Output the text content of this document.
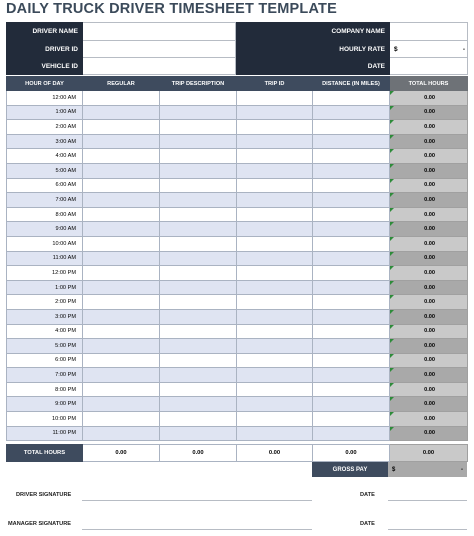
DAILY TRUCK DRIVER TIMESHEET TEMPLATE
DRIVER NAME		COMPANY NAME	
DRIVER ID		HOURLY RATE	$ -

VEHICLE ID		DATE	
HOUR OF DAY	REGULAR	TRIP DESCRIPTION	TRIP ID	DISTANCE (IN MILES)	TOTAL HOURS
12:00 AM					0.00
1:00 AM					0.00
2:00 AM					0.00
3:00 AM					0.00
4:00 AM					0.00
5:00 AM					0.00
6:00 AM					0.00
7:00 AM					0.00
8:00 AM					0.00
9:00 AM					0.00
10:00 AM					0.00
11:00 AM					0.00
12:00 PM					0.00
1:00 PM					0.00
2:00 PM					0.00
3:00 PM					0.00
4:00 PM					0.00
5:00 PM					0.00
6:00 PM					0.00
7:00 PM					0.00
8:00 PM					0.00
9:00 PM					0.00
10:00 PM					0.00
11:00 PM					0.00
TOTAL HOURS	0.00	0.00	0.00	0.00	0.00
GROSS PAY	$	-
DRIVER SIGNATURE	DATE
MANAGER SIGNATURE	DATE
